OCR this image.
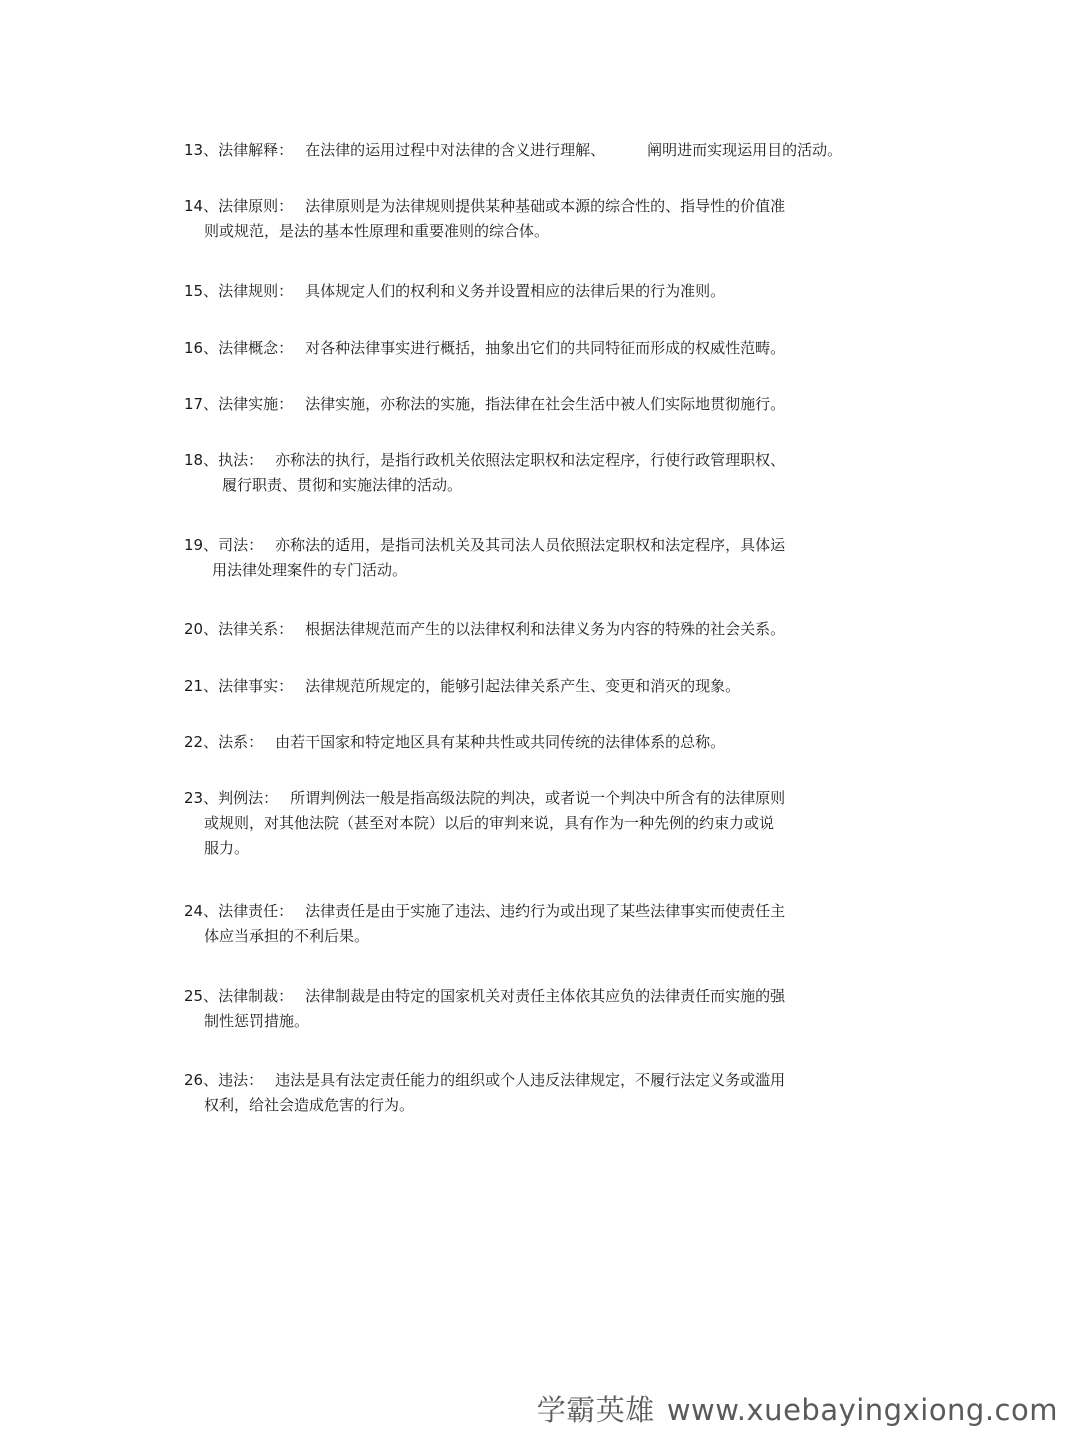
13、法律解释： 在法律的运用过程中对法律的含义进行理解、	阐明进而实现运用目的活动。
14、法律原则： 法律原则是为法律规则提供某种基础或本源的综合性的、指导性的价值准
则或规范，是法的基本性原理和重要准则的综合体。
15、法律规则： 具体规定人们的权利和义务并设置相应的法律后果的行为准则。
16、法律概念： 对各种法律事实进行概括，抽象出它们的共同特征而形成的权威性范畴。
17、法律实施： 法律实施，亦称法的实施，指法律在社会生活中被人们实际地贯彻施行。
18、执法： 亦称法的执行，是指行政机关依照法定职权和法定程序，行使行政管理职权、
履行职责、贯彻和实施法律的活动。
19、司法： 亦称法的适用，是指司法机关及其司法人员依照法定职权和法定程序，具体运
用法律处理案件的专门活动。
20、法律关系： 根据法律规范而产生的以法律权利和法律义务为内容的特殊的社会关系。
21、法律事实： 法律规范所规定的，能够引起法律关系产生、变更和消灭的现象。
22、法系： 由若干国家和特定地区具有某种共性或共同传统的法律体系的总称。
23、判例法： 所谓判例法一般是指高级法院的判决，或者说一个判决中所含有的法律原则
或规则，对其他法院（甚至对本院）以后的审判来说，具有作为一种先例的约束力或说
服力。
24、法律责任： 法律责任是由于实施了违法、违约行为或出现了某些法律事实而使责任主
体应当承担的不利后果。
25、法律制裁： 法律制裁是由特定的国家机关对责任主体依其应负的法律责任而实施的强
制性惩罚措施。
26、违法： 违法是具有法定责任能力的组织或个人违反法律规定，不履行法定义务或滥用
权利，给社会造成危害的行为。
学霸英雄 www.xuebayingxiong.com
